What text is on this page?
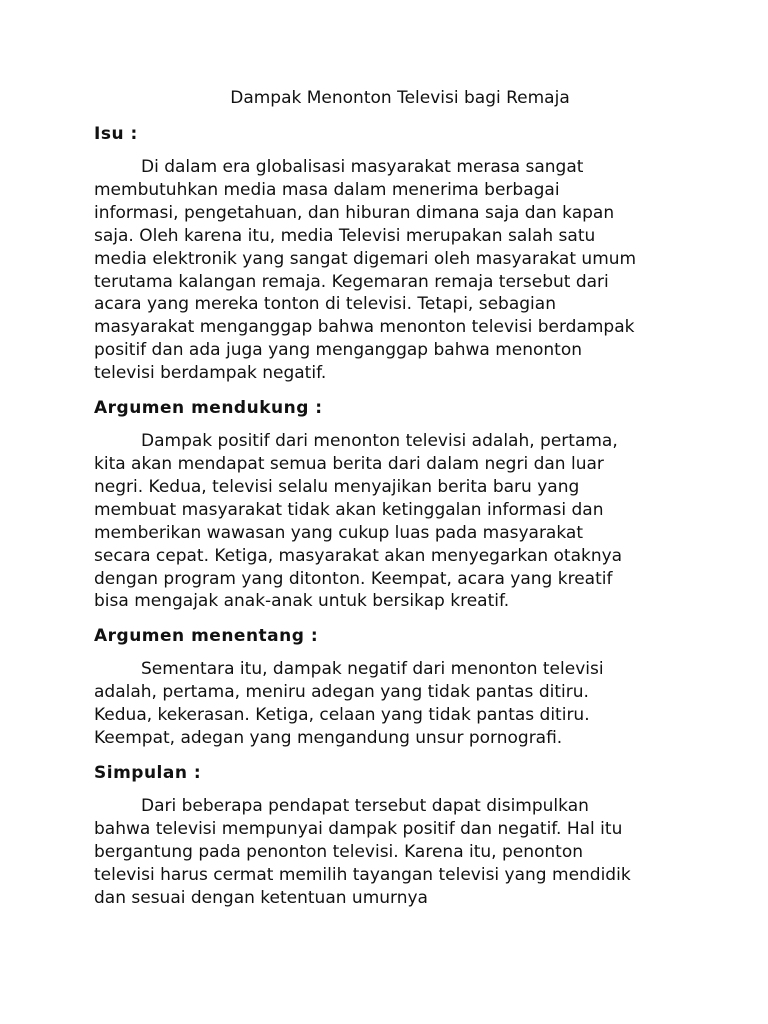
Dampak Menonton Televisi bagi Remaja
Isu :
Di dalam era globalisasi masyarakat merasa sangat
membutuhkan media masa dalam menerima berbagai
informasi, pengetahuan, dan hiburan dimana saja dan kapan
saja. Oleh karena itu, media Televisi merupakan salah satu
media elektronik yang sangat digemari oleh masyarakat umum
terutama kalangan remaja. Kegemaran remaja tersebut dari
acara yang mereka tonton di televisi. Tetapi, sebagian
masyarakat menganggap bahwa menonton televisi berdampak
positif dan ada juga yang menganggap bahwa menonton
televisi berdampak negatif.
Argumen mendukung :
Dampak positif dari menonton televisi adalah, pertama,
kita akan mendapat semua berita dari dalam negri dan luar
negri. Kedua, televisi selalu menyajikan berita baru yang
membuat masyarakat tidak akan ketinggalan informasi dan
memberikan wawasan yang cukup luas pada masyarakat
secara cepat. Ketiga, masyarakat akan menyegarkan otaknya
dengan program yang ditonton. Keempat, acara yang kreatif
bisa mengajak anak-anak untuk bersikap kreatif.
Argumen menentang :
Sementara itu, dampak negatif dari menonton televisi
adalah, pertama, meniru adegan yang tidak pantas ditiru.
Kedua, kekerasan. Ketiga, celaan yang tidak pantas ditiru.
Keempat, adegan yang mengandung unsur pornografi.
Simpulan :
Dari beberapa pendapat tersebut dapat disimpulkan
bahwa televisi mempunyai dampak positif dan negatif. Hal itu
bergantung pada penonton televisi. Karena itu, penonton
televisi harus cermat memilih tayangan televisi yang mendidik
dan sesuai dengan ketentuan umurnya
